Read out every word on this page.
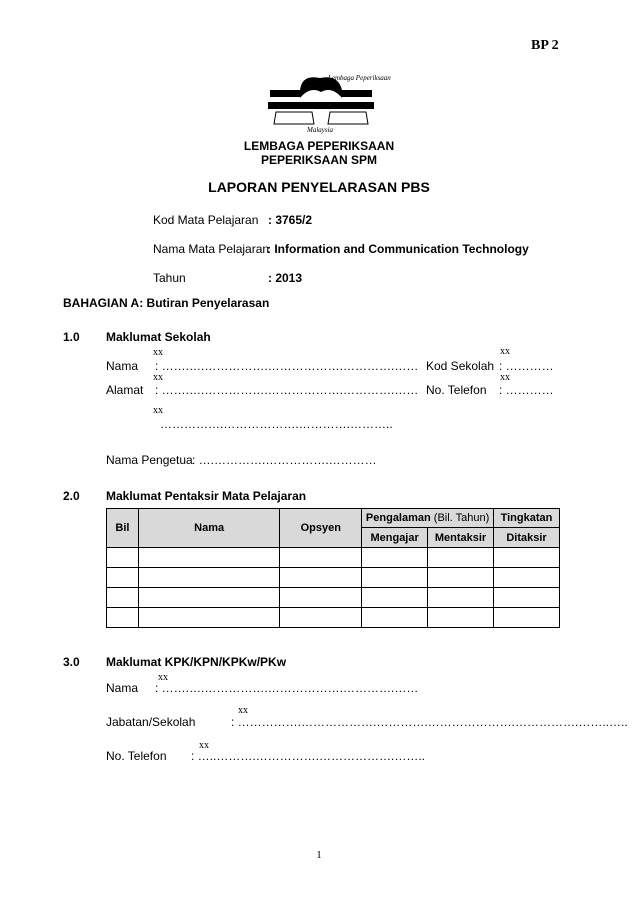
BP 2
Lembaga Peperiksaan
Malaysia
LEMBAGA PEPERIKSAAN
PEPERIKSAAN SPM
LAPORAN PENYELARASAN PBS
Kod Mata Pelajaran : 3765/2
Nama Mata Pelajaran
: Information and Communication Technology
Tahun	: 2013
BAHAGIAN A: Butiran Penyelarasan
1.0 Maklumat Sekolah
xx
Nama : …….….…………….……………….………….……
xx
Kod Sekolah : …………
xx
Alamat : …….….…………….……………….………….……
xx
No. Telefon : …………
xx
…………….……………….………….………..
Nama Pengetua : ….………….…………….…………
2.0 Maklumat Pentaksir Mata Pelajaran
Bil	Nama	Opsyen	Pengalaman (Bil. Tahun)		Tingkatan
			Mengajar	Mentaksir	Ditaksir

3.0 Maklumat KPK/KPN/KPKw/PKw
xx
Nama : …….….…………….……………….………….……
xx
Jabatan/Sekolah	: …………….……………….………….………………….…………….……..…..
xx
No. Telefon : …..……….…………….……………….……..
1
